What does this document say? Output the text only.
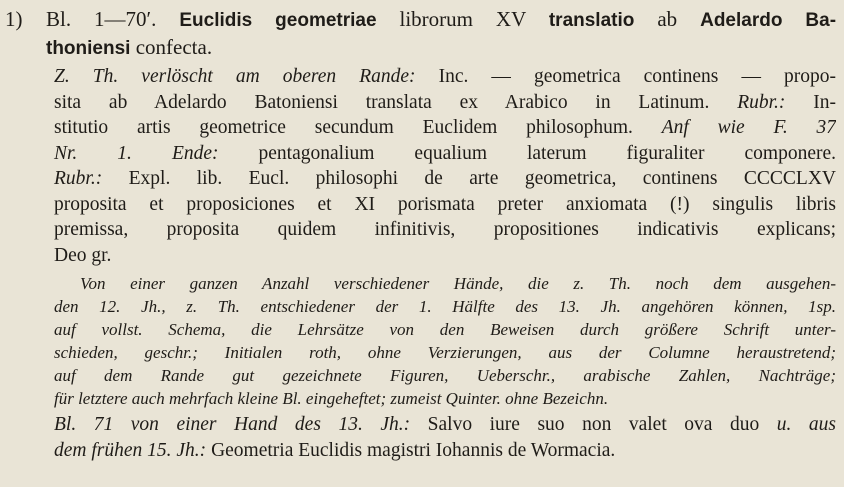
1) Bl. 1—70′. Euclidis geometriae librorum XV translatio ab Adelardo Ba-
thoniensi confecta.
Z. Th. verlöscht am oberen Rande: Inc. — geometrica continens — propo-
sita ab Adelardo Batoniensi translata ex Arabico in Latinum. Rubr.: In-
stitutio artis geometrice secundum Euclidem philosophum. Anf wie F. 37
Nr. 1. Ende: pentagonalium equalium laterum figuraliter componere.
Rubr.: Expl. lib. Eucl. philosophi de arte geometrica, continens CCCCLXV
proposita et proposiciones et XI porismata preter anxiomata (!) singulis libris
premissa, proposita quidem infinitivis, propositiones indicativis explicans;
Deo gr.
Von einer ganzen Anzahl verschiedener Hände, die z. Th. noch dem ausgehen-
den 12. Jh., z. Th. entschiedener der 1. Hälfte des 13. Jh. angehören können, 1sp.
auf vollst. Schema, die Lehrsätze von den Beweisen durch größere Schrift unter-
schieden, geschr.; Initialen roth, ohne Verzierungen, aus der Columne heraustretend;
auf dem Rande gut gezeichnete Figuren, Ueberschr., arabische Zahlen, Nachträge;
für letztere auch mehrfach kleine Bl. eingeheftet; zumeist Quinter. ohne Bezeichn.
Bl. 71 von einer Hand des 13. Jh.: Salvo iure suo non valet ova duo u. aus
dem frühen 15. Jh.: Geometria Euclidis magistri Iohannis de Wormacia.
